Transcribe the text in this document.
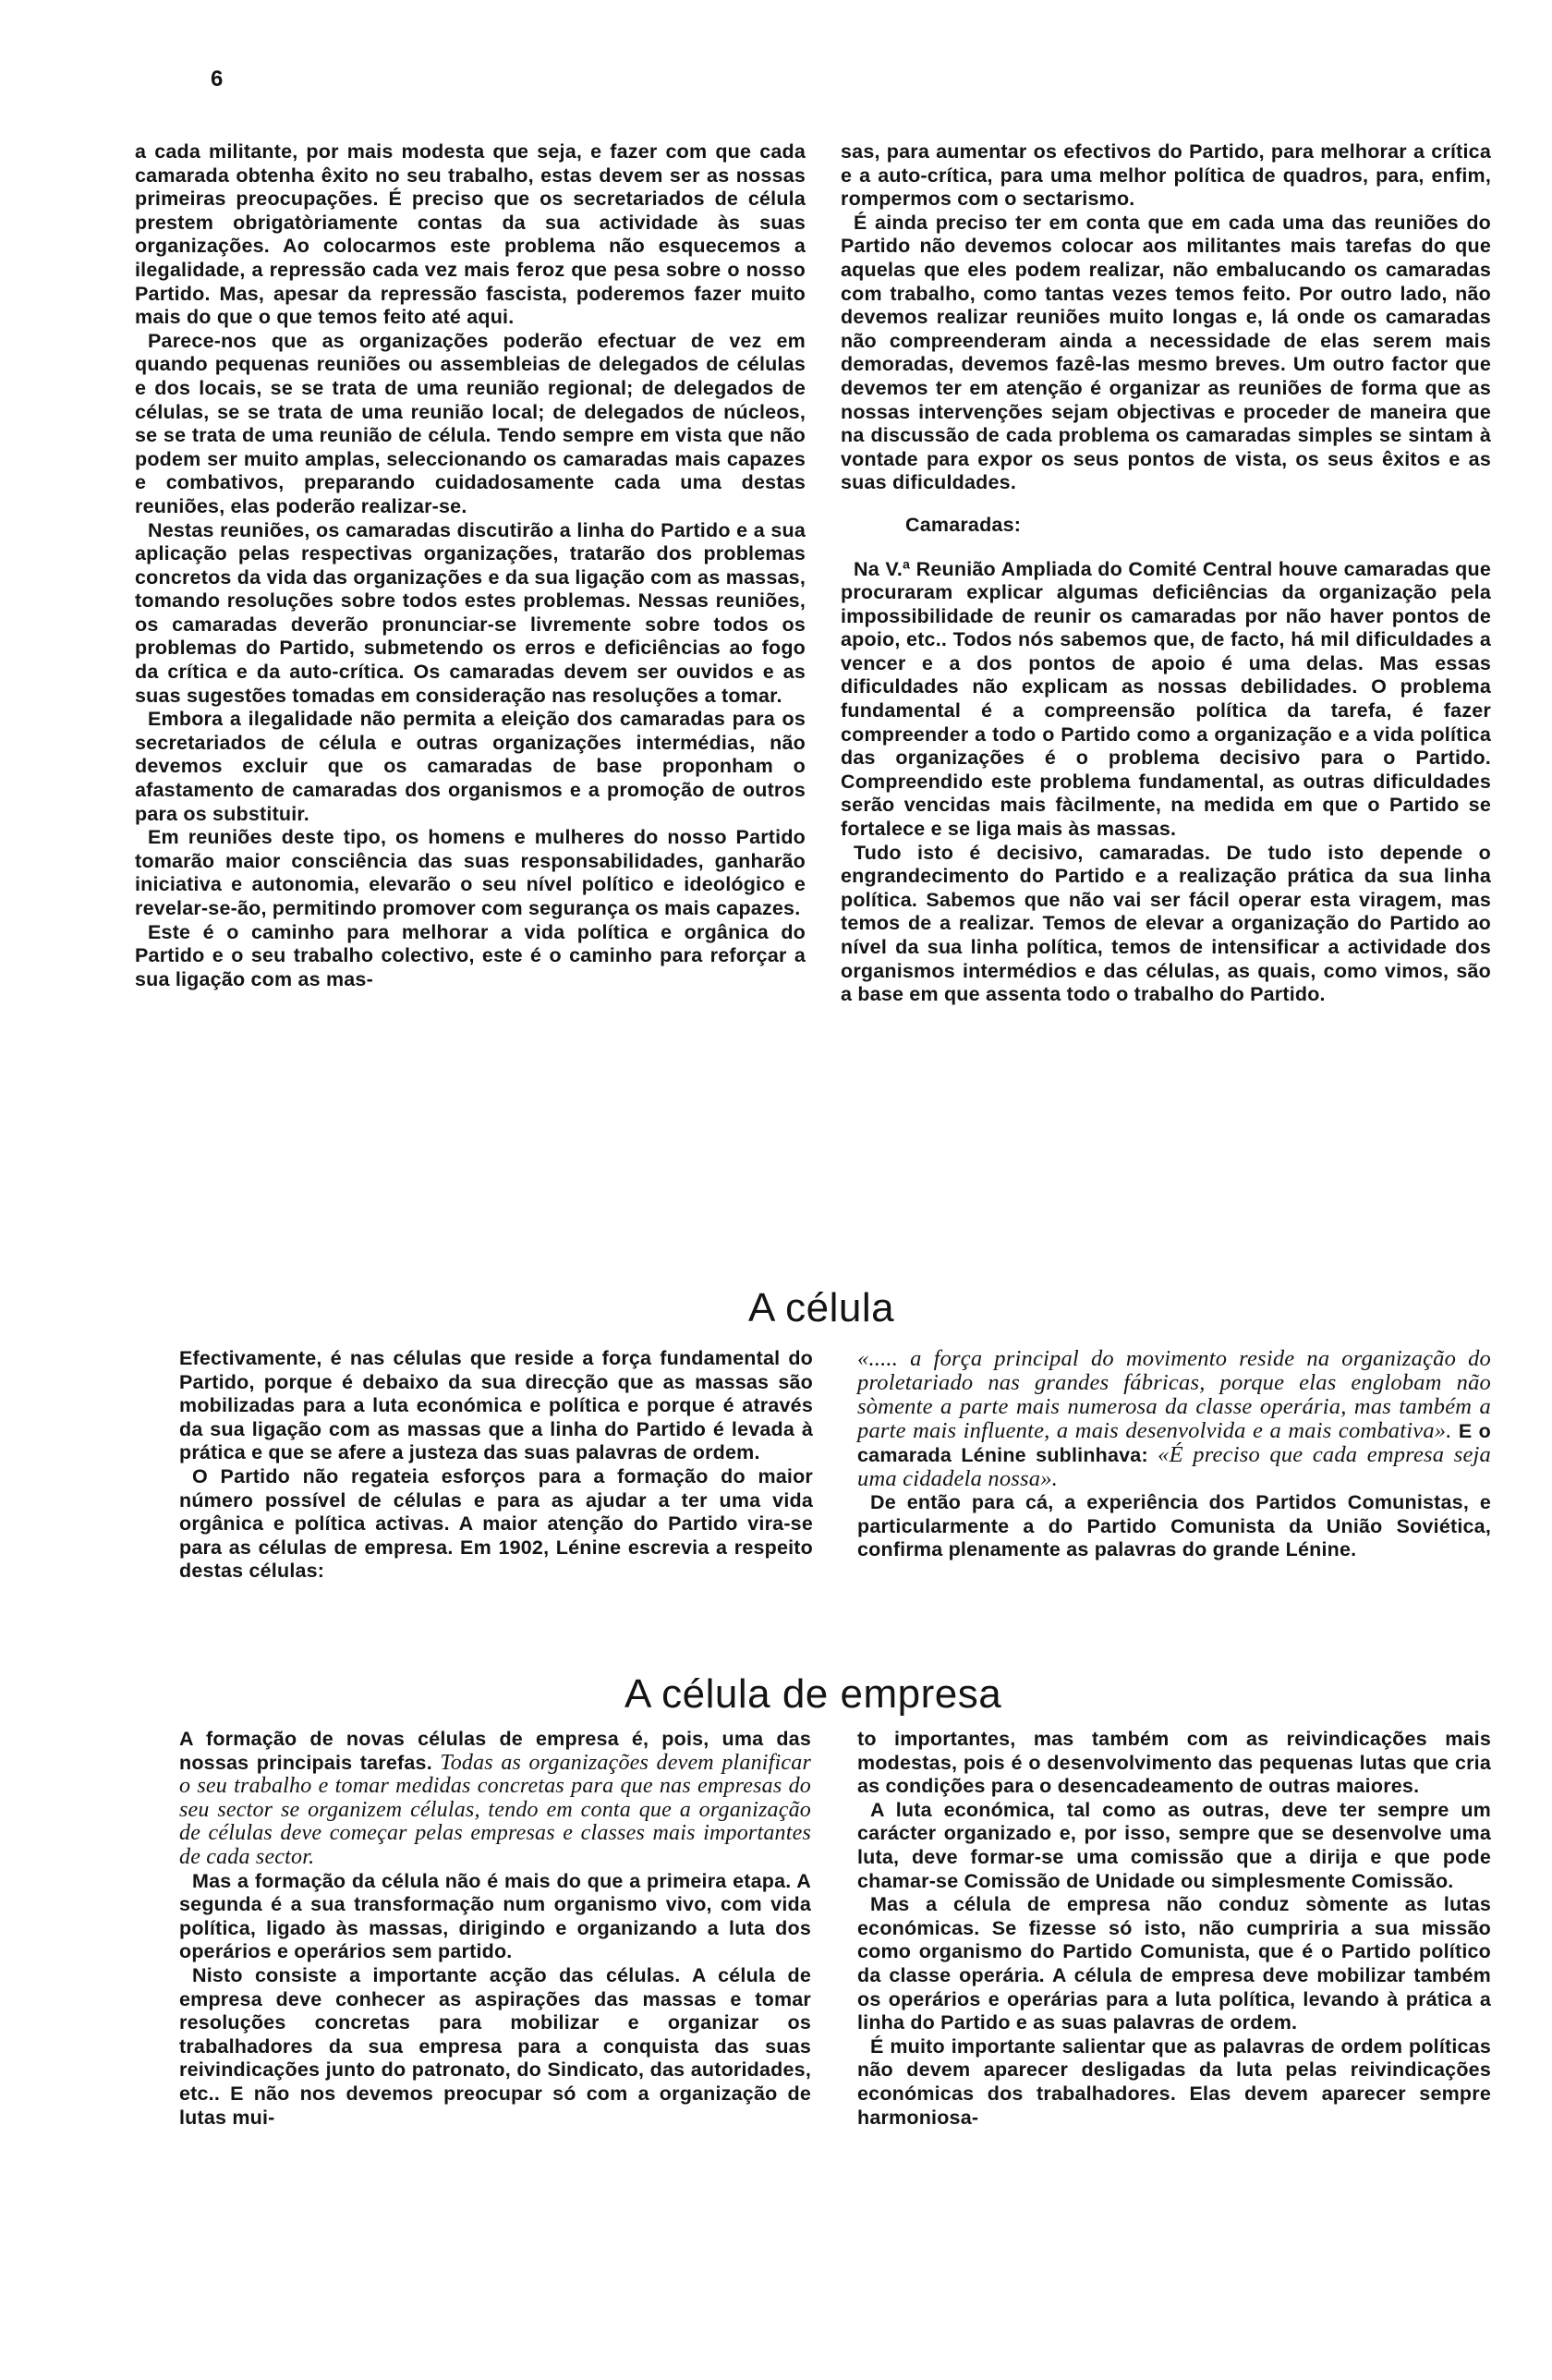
6

a cada militante, por mais modesta que seja, e fazer com que cada camarada obtenha êxito no seu trabalho, estas devem ser as nossas primeiras preocupações. É preciso que os secretariados de célula prestem obrigatòriamente contas da sua actividade às suas organizações. Ao colocarmos este problema não esquecemos a ilegalidade, a repressão cada vez mais feroz que pesa sobre o nosso Partido. Mas, apesar da repressão fascista, poderemos fazer muito mais do que o que temos feito até aqui.

Parece-nos que as organizações poderão efectuar de vez em quando pequenas reuniões ou assembleias de delegados de células e dos locais, se se trata de uma reunião regional; de delegados de células, se se trata de uma reunião local; de delegados de núcleos, se se trata de uma reunião de célula. Tendo sempre em vista que não podem ser muito amplas, seleccionando os camaradas mais capazes e combativos, preparando cuidadosamente cada uma destas reuniões, elas poderão realizar-se.

Nestas reuniões, os camaradas discutirão a linha do Partido e a sua aplicação pelas respectivas organizações, tratarão dos problemas concretos da vida das organizações e da sua ligação com as massas, tomando resoluções sobre todos estes problemas. Nessas reuniões, os camaradas deverão pronunciar-se livremente sobre todos os problemas do Partido, submetendo os erros e deficiências ao fogo da crítica e da auto-crítica. Os camaradas devem ser ouvidos e as suas sugestões tomadas em consideração nas resoluções a tomar.

Embora a ilegalidade não permita a eleição dos camaradas para os secretariados de célula e outras organizações intermédias, não devemos excluir que os camaradas de base proponham o afastamento de camaradas dos organismos e a promoção de outros para os substituir.

Em reuniões deste tipo, os homens e mulheres do nosso Partido tomarão maior consciência das suas responsabilidades, ganharão iniciativa e autonomia, elevarão o seu nível político e ideológico e revelar-se-ão, permitindo promover com segurança os mais capazes.

Este é o caminho para melhorar a vida política e orgânica do Partido e o seu trabalho colectivo, este é o caminho para reforçar a sua ligação com as mas-

sas, para aumentar os efectivos do Partido, para melhorar a crítica e a auto-crítica, para uma melhor política de quadros, para, enfim, rompermos com o sectarismo.

É ainda preciso ter em conta que em cada uma das reuniões do Partido não devemos colocar aos militantes mais tarefas do que aquelas que eles podem realizar, não embalucando os camaradas com trabalho, como tantas vezes temos feito. Por outro lado, não devemos realizar reuniões muito longas e, lá onde os camaradas não compreenderam ainda a necessidade de elas serem mais demoradas, devemos fazê-las mesmo breves. Um outro factor que devemos ter em atenção é organizar as reuniões de forma que as nossas intervenções sejam objectivas e proceder de maneira que na discussão de cada problema os camaradas simples se sintam à vontade para expor os seus pontos de vista, os seus êxitos e as suas dificuldades.

Camaradas:

Na V.ª Reunião Ampliada do Comité Central houve camaradas que procuraram explicar algumas deficiências da organização pela impossibilidade de reunir os camaradas por não haver pontos de apoio, etc.. Todos nós sabemos que, de facto, há mil dificuldades a vencer e a dos pontos de apoio é uma delas. Mas essas dificuldades não explicam as nossas debilidades. O problema fundamental é a compreensão política da tarefa, é fazer compreender a todo o Partido como a organização e a vida política das organizações é o problema decisivo para o Partido. Compreendido este problema fundamental, as outras dificuldades serão vencidas mais fàcilmente, na medida em que o Partido se fortalece e se liga mais às massas.

Tudo isto é decisivo, camaradas. De tudo isto depende o engrandecimento do Partido e a realização prática da sua linha política. Sabemos que não vai ser fácil operar esta viragem, mas temos de a realizar. Temos de elevar a organização do Partido ao nível da sua linha política, temos de intensificar a actividade dos organismos intermédios e das células, as quais, como vimos, são a base em que assenta todo o trabalho do Partido.

A célula

Efectivamente, é nas células que reside a força fundamental do Partido, porque é debaixo da sua direcção que as massas são mobilizadas para a luta económica e política e porque é através da sua ligação com as massas que a linha do Partido é levada à prática e que se afere a justeza das suas palavras de ordem.

O Partido não regateia esforços para a formação do maior número possível de células e para as ajudar a ter uma vida orgânica e política activas. A maior atenção do Partido vira-se para as células de empresa. Em 1902, Lénine escrevia a respeito destas células:

«..... a força principal do movimento reside na organização do proletariado nas grandes fábricas, porque elas englobam não sòmente a parte mais numerosa da classe operária, mas também a parte mais influente, a mais desenvolvida e a mais combativa». E o camarada Lénine sublinhava: «É preciso que cada empresa seja uma cidadela nossa».

De então para cá, a experiência dos Partidos Comunistas, e particularmente a do Partido Comunista da União Soviética, confirma plenamente as palavras do grande Lénine.

A célula de empresa

A formação de novas células de empresa é, pois, uma das nossas principais tarefas. Todas as organizações devem planificar o seu trabalho e tomar medidas concretas para que nas empresas do seu sector se organizem células, tendo em conta que a organização de células deve começar pelas empresas e classes mais importantes de cada sector.

Mas a formação da célula não é mais do que a primeira etapa. A segunda é a sua transformação num organismo vivo, com vida política, ligado às massas, dirigindo e organizando a luta dos operários e operários sem partido.

Nisto consiste a importante acção das células. A célula de empresa deve conhecer as aspirações das massas e tomar resoluções concretas para mobilizar e organizar os trabalhadores da sua empresa para a conquista das suas reivindicações junto do patronato, do Sindicato, das autoridades, etc.. E não nos devemos preocupar só com a organização de lutas mui-

to importantes, mas também com as reivindicações mais modestas, pois é o desenvolvimento das pequenas lutas que cria as condições para o desencadeamento de outras maiores.

A luta económica, tal como as outras, deve ter sempre um carácter organizado e, por isso, sempre que se desenvolve uma luta, deve formar-se uma comissão que a dirija e que pode chamar-se Comissão de Unidade ou simplesmente Comissão.

Mas a célula de empresa não conduz sòmente as lutas económicas. Se fizesse só isto, não cumpriria a sua missão como organismo do Partido Comunista, que é o Partido político da classe operária. A célula de empresa deve mobilizar também os operários e operárias para a luta política, levando à prática a linha do Partido e as suas palavras de ordem.

É muito importante salientar que as palavras de ordem políticas não devem aparecer desligadas da luta pelas reivindicações económicas dos trabalhadores. Elas devem aparecer sempre harmoniosa-
